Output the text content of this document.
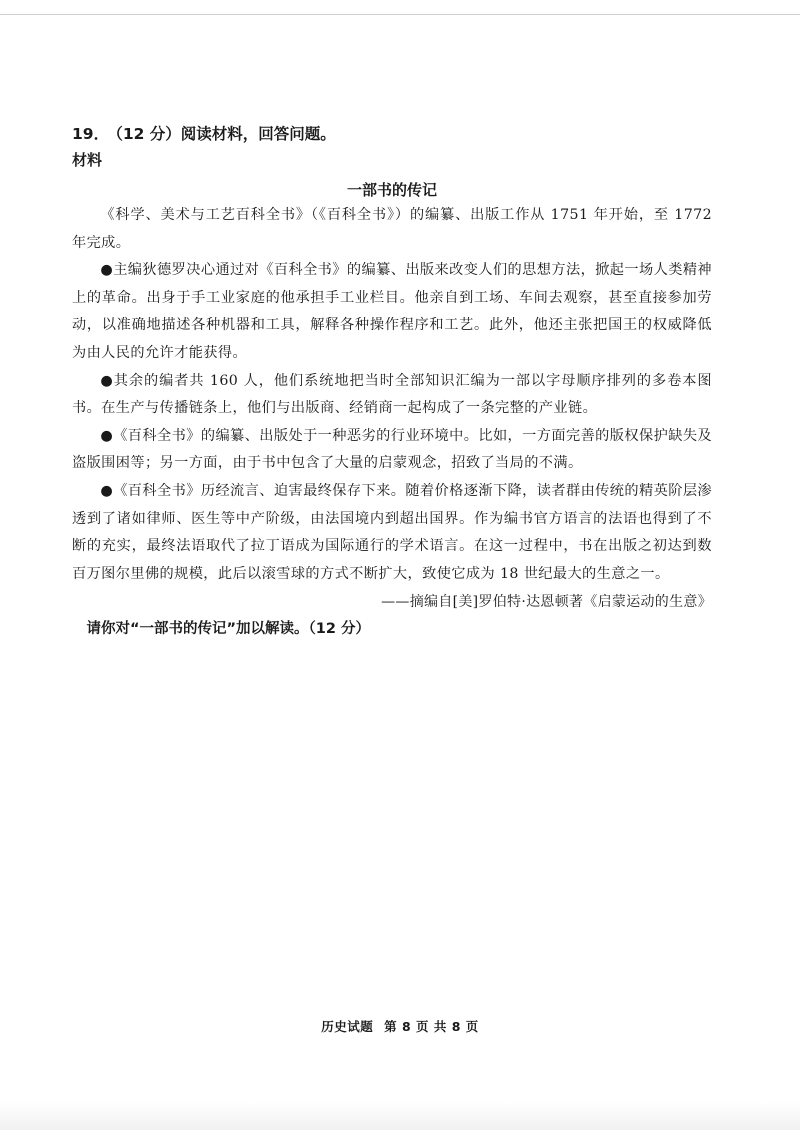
19． （12 分）阅读材料，回答问题。

材料

一部书的传记

《科学、美术与工艺百科全书》（《百科全书》）的编纂、出版工作从 1751 年开始，至 1772 年完成。

●主编狄德罗决心通过对《百科全书》的编纂、出版来改变人们的思想方法，掀起一场人类精神上的革命。出身于手工业家庭的他承担手工业栏目。他亲自到工场、车间去观察，甚至直接参加劳动，以准确地描述各种机器和工具，解释各种操作程序和工艺。此外，他还主张把国王的权威降低为由人民的允许才能获得。

●其余的编者共 160 人，他们系统地把当时全部知识汇编为一部以字母顺序排列的多卷本图书。在生产与传播链条上，他们与出版商、经销商一起构成了一条完整的产业链。

●《百科全书》的编纂、出版处于一种恶劣的行业环境中。比如，一方面完善的版权保护缺失及盗版围困等；另一方面，由于书中包含了大量的启蒙观念，招致了当局的不满。

●《百科全书》历经流言、迫害最终保存下来。随着价格逐渐下降，读者群由传统的精英阶层渗透到了诸如律师、医生等中产阶级，由法国境内到超出国界。作为编书官方语言的法语也得到了不断的充实，最终法语取代了拉丁语成为国际通行的学术语言。在这一过程中，书在出版之初达到数百万图尔里佛的规模，此后以滚雪球的方式不断扩大，致使它成为 18 世纪最大的生意之一。

——摘编自[美]罗伯特·达恩顿著《启蒙运动的生意》

请你对“一部书的传记”加以解读。（12 分）

历史试题 第 8 页 共 8 页
